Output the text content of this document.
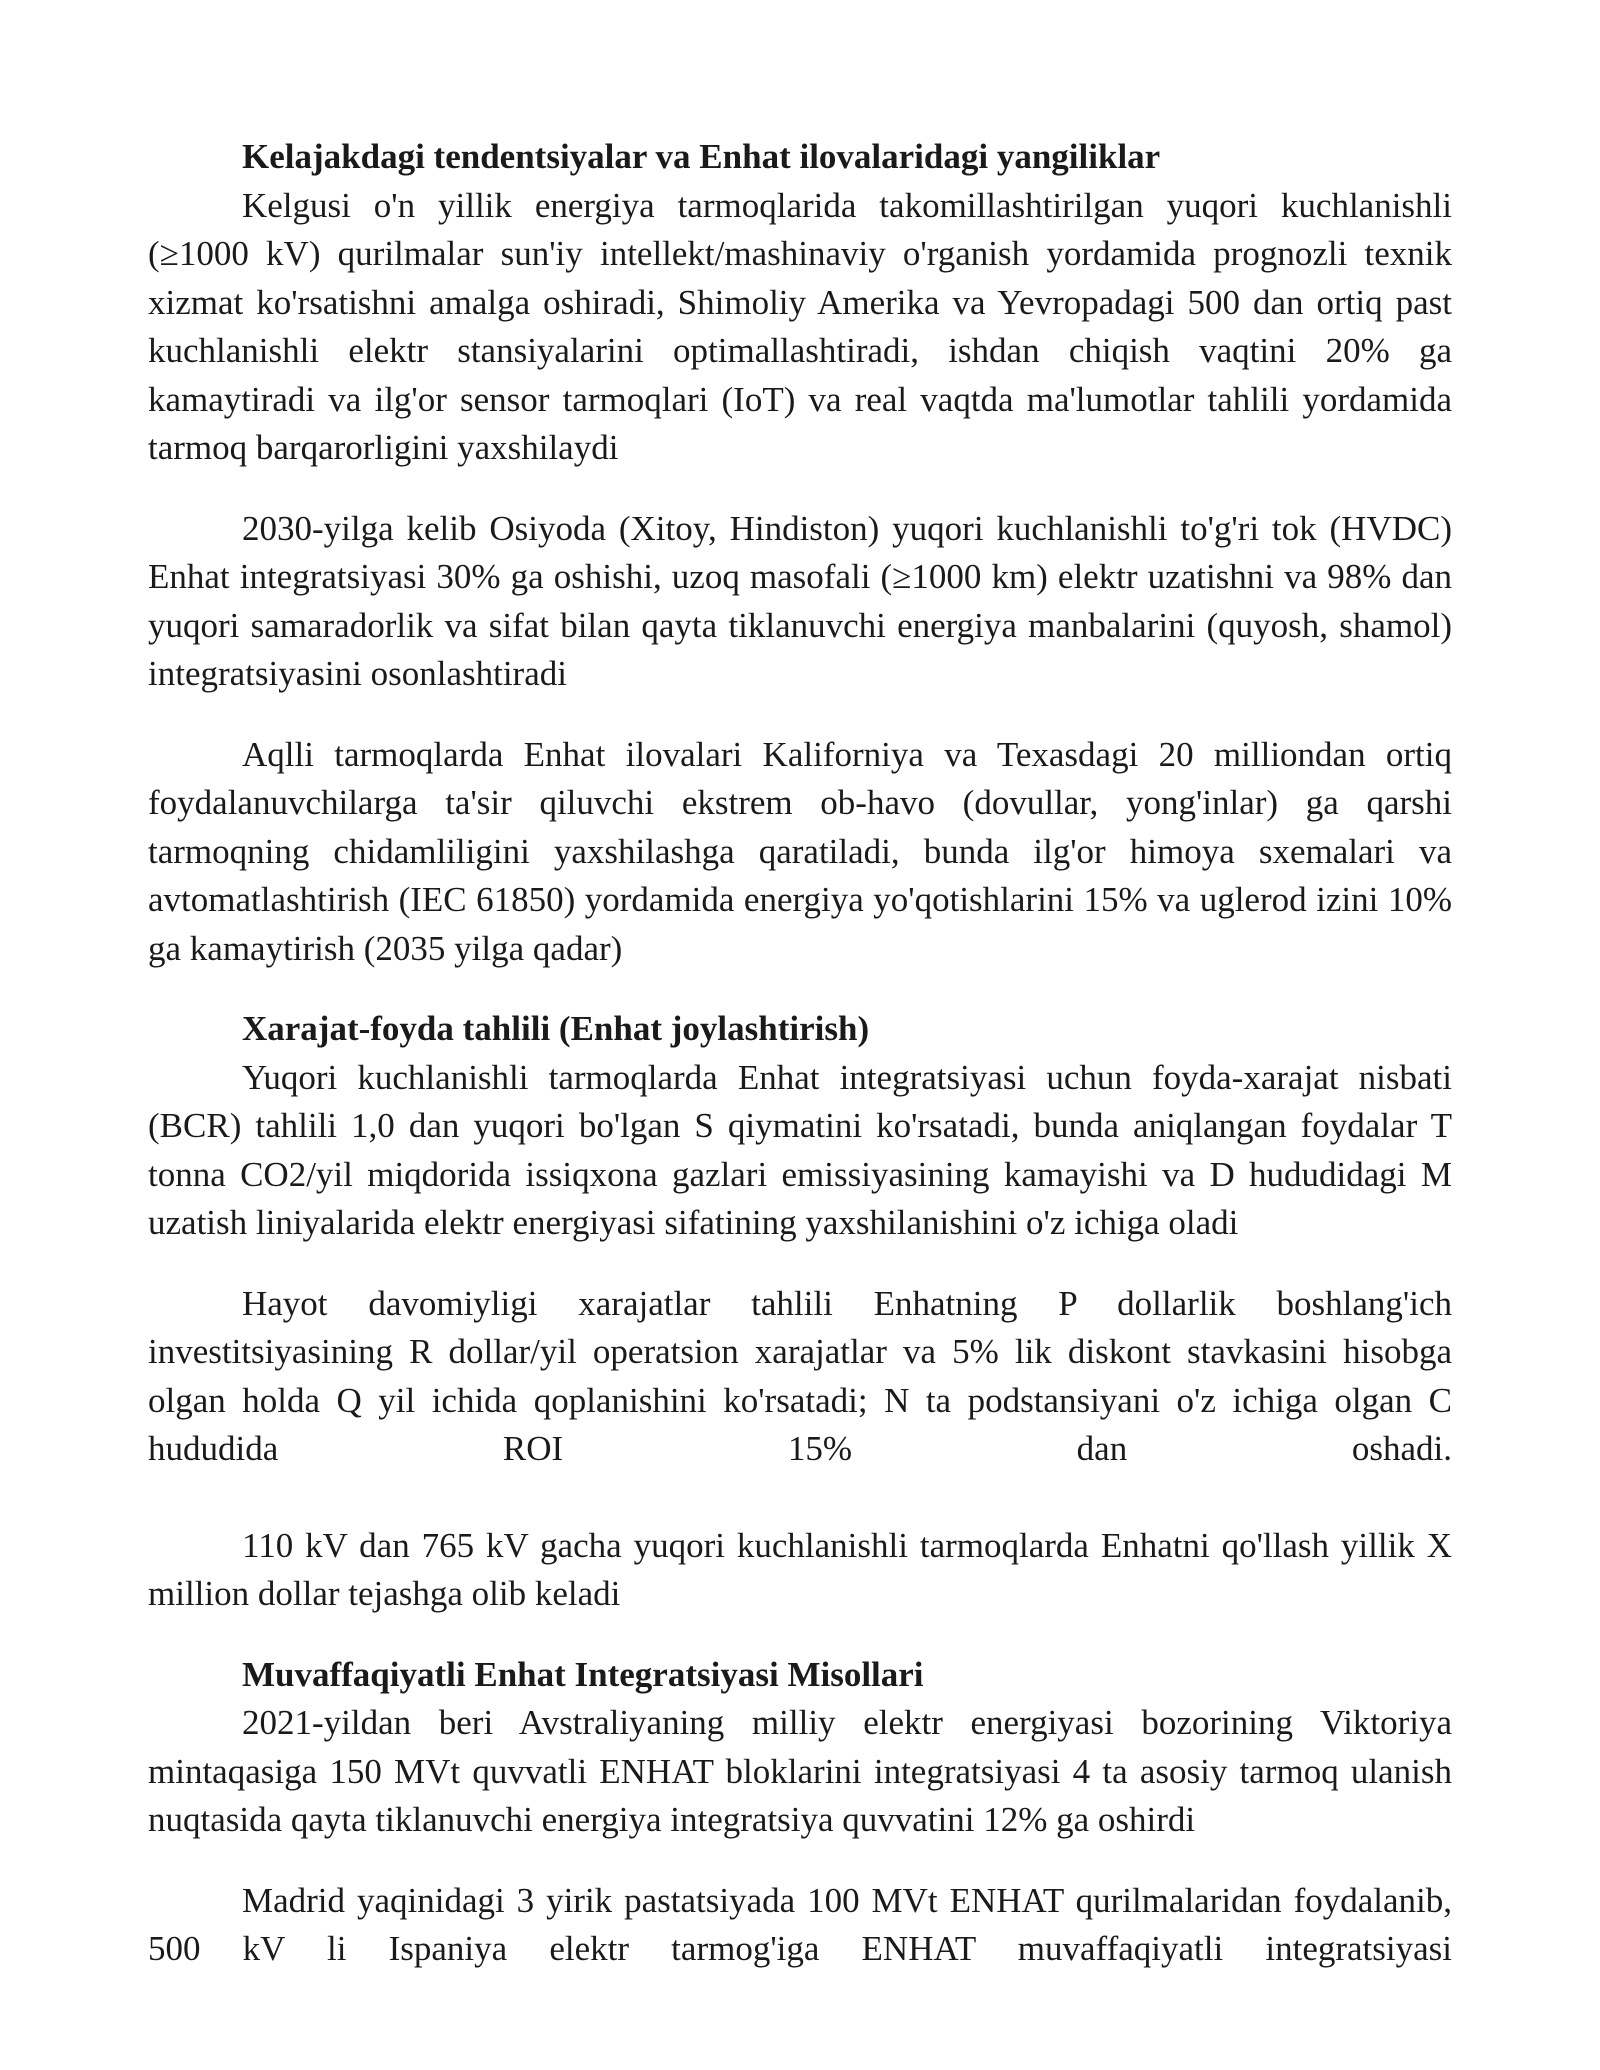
Kelajakdagi tendentsiyalar va Enhat ilovalaridagi yangiliklar

Kelgusi o'n yillik energiya tarmoqlarida takomillashtirilgan yuqori kuchlanishli (≥1000 kV) qurilmalar sun'iy intellekt/mashinaviy o'rganish yordamida prognozli texnik xizmat ko'rsatishni amalga oshiradi, Shimoliy Amerika va Yevropadagi 500 dan ortiq past kuchlanishli elektr stansiyalarini optimallashtiradi, ishdan chiqish vaqtini 20% ga kamaytiradi va ilg'or sensor tarmoqlari (IoT) va real vaqtda ma'lumotlar tahlili yordamida tarmoq barqarorligini yaxshilaydi

2030-yilga kelib Osiyoda (Xitoy, Hindiston) yuqori kuchlanishli to'g'ri tok (HVDC) Enhat integratsiyasi 30% ga oshishi, uzoq masofali (≥1000 km) elektr uzatishni va 98% dan yuqori samaradorlik va sifat bilan qayta tiklanuvchi energiya manbalarini (quyosh, shamol) integratsiyasini osonlashtiradi

Aqlli tarmoqlarda Enhat ilovalari Kaliforniya va Texasdagi 20 milliondan ortiq foydalanuvchilarga ta'sir qiluvchi ekstrem ob-havo (dovullar, yong'inlar) ga qarshi tarmoqning chidamliligini yaxshilashga qaratiladi, bunda ilg'or himoya sxemalari va avtomatlashtirish (IEC 61850) yordamida energiya yo'qotishlarini 15% va uglerod izini 10% ga kamaytirish (2035 yilga qadar)

Xarajat-foyda tahlili (Enhat joylashtirish)

Yuqori kuchlanishli tarmoqlarda Enhat integratsiyasi uchun foyda-xarajat nisbati (BCR) tahlili 1,0 dan yuqori bo'lgan S qiymatini ko'rsatadi, bunda aniqlangan foydalar T tonna CO2/yil miqdorida issiqxona gazlari emissiyasining kamayishi va D hududidagi M uzatish liniyalarida elektr energiyasi sifatining yaxshilanishini o'z ichiga oladi

Hayot davomiyligi xarajatlar tahlili Enhatning P dollarlik boshlang'ich investitsiyasining R dollar/yil operatsion xarajatlar va 5% lik diskont stavkasini hisobga olgan holda Q yil ichida qoplanishini ko'rsatadi; N ta podstansiyani o'z ichiga olgan C hududida ROI 15% dan oshadi.

110 kV dan 765 kV gacha yuqori kuchlanishli tarmoqlarda Enhatni qo'llash yillik X million dollar tejashga olib keladi

Muvaffaqiyatli Enhat Integratsiyasi Misollari

2021-yildan beri Avstraliyaning milliy elektr energiyasi bozorining Viktoriya mintaqasiga 150 MVt quvvatli ENHAT bloklarini integratsiyasi 4 ta asosiy tarmoq ulanish nuqtasida qayta tiklanuvchi energiya integratsiya quvvatini 12% ga oshirdi

Madrid yaqinidagi 3 yirik pastatsiyada 100 MVt ENHAT qurilmalaridan foydalanib, 500 kV li Ispaniya elektr tarmog'iga ENHAT muvaffaqiyatli integratsiyasi
